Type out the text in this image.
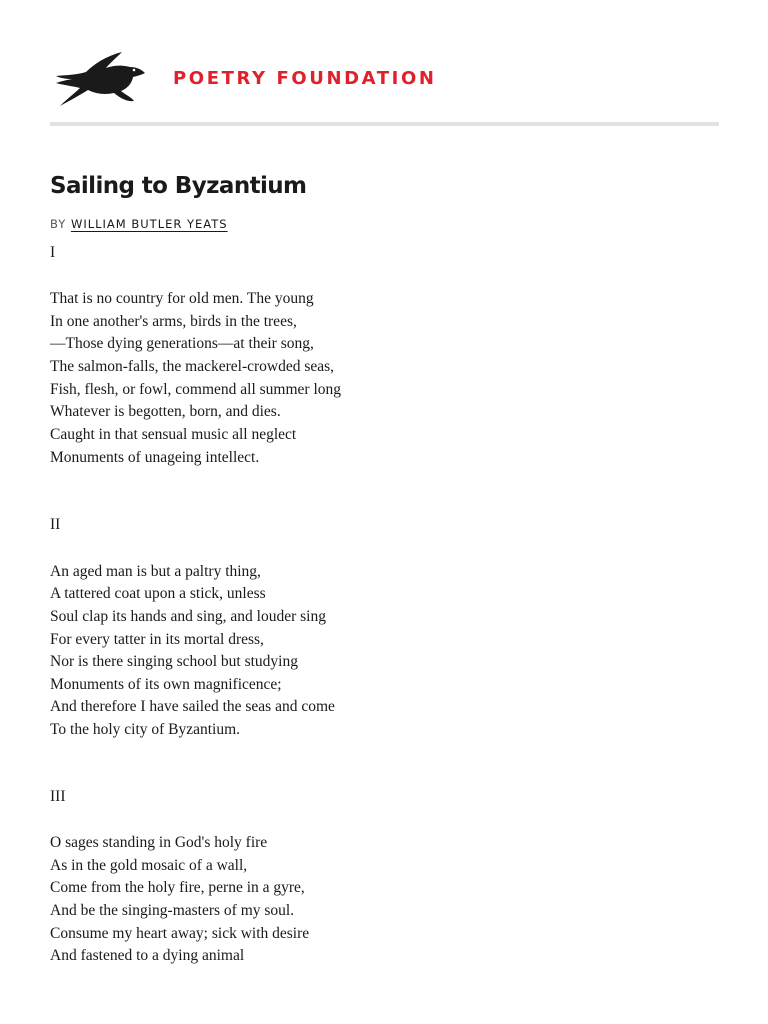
POETRY FOUNDATION
Sailing to Byzantium
BY WILLIAM BUTLER YEATS
I
That is no country for old men. The young
In one another's arms, birds in the trees,
—Those dying generations—at their song,
The salmon-falls, the mackerel-crowded seas,
Fish, flesh, or fowl, commend all summer long
Whatever is begotten, born, and dies.
Caught in that sensual music all neglect
Monuments of unageing intellect.
II
An aged man is but a paltry thing,
A tattered coat upon a stick, unless
Soul clap its hands and sing, and louder sing
For every tatter in its mortal dress,
Nor is there singing school but studying
Monuments of its own magnificence;
And therefore I have sailed the seas and come
To the holy city of Byzantium.
III
O sages standing in God's holy fire
As in the gold mosaic of a wall,
Come from the holy fire, perne in a gyre,
And be the singing-masters of my soul.
Consume my heart away; sick with desire
And fastened to a dying animal
